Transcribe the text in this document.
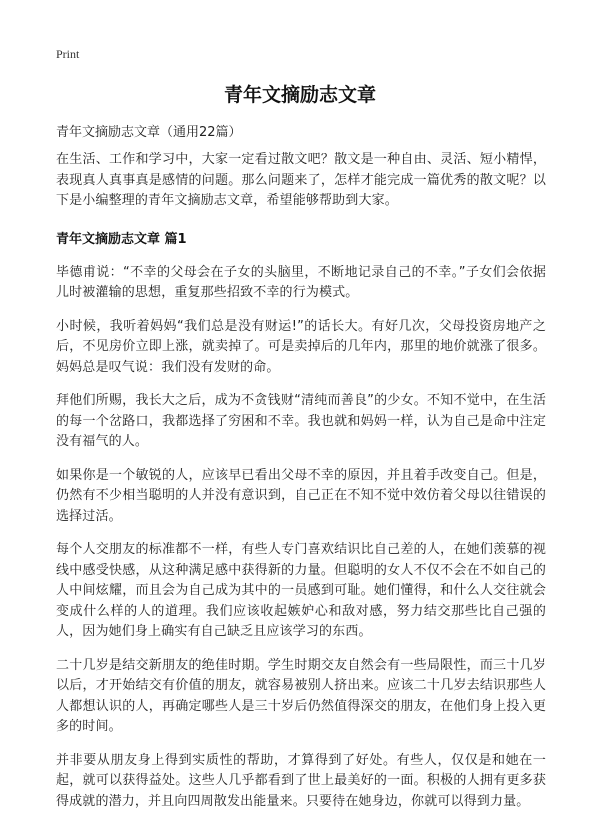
Print
青年文摘励志文章

青年文摘励志文章（通用22篇）

在生活、工作和学习中，大家一定看过散文吧？散文是一种自由、灵活、短小精悍，表现真人真事真是感情的问题。那么问题来了，怎样才能完成一篇优秀的散文呢？以下是小编整理的青年文摘励志文章，希望能够帮助到大家。

青年文摘励志文章 篇1

毕德甫说：“不幸的父母会在子女的头脑里，不断地记录自己的不幸。”子女们会依据儿时被灌输的思想，重复那些招致不幸的行为模式。

小时候，我听着妈妈“我们总是没有财运!”的话长大。有好几次，父母投资房地产之后，不见房价立即上涨，就卖掉了。可是卖掉后的几年内，那里的地价就涨了很多。妈妈总是叹气说：我们没有发财的命。

拜他们所赐，我长大之后，成为不贪钱财“清纯而善良”的少女。不知不觉中，在生活的每一个岔路口，我都选择了穷困和不幸。我也就和妈妈一样，认为自己是命中注定没有福气的人。

如果你是一个敏锐的人，应该早已看出父母不幸的原因，并且着手改变自己。但是，仍然有不少相当聪明的人并没有意识到，自己正在不知不觉中效仿着父母以往错误的选择过活。

每个人交朋友的标准都不一样，有些人专门喜欢结识比自己差的人，在她们羡慕的视线中感受快感，从这种满足感中获得新的力量。但聪明的女人不仅不会在不如自己的人中间炫耀，而且会为自己成为其中的一员感到可耻。她们懂得，和什么人交往就会变成什么样的人的道理。我们应该收起嫉妒心和敌对感，努力结交那些比自己强的人，因为她们身上确实有自己缺乏且应该学习的东西。

二十几岁是结交新朋友的绝佳时期。学生时期交友自然会有一些局限性，而三十几岁以后，才开始结交有价值的朋友，就容易被别人挤出来。应该二十几岁去结识那些人人都想认识的人，再确定哪些人是三十岁后仍然值得深交的朋友，在他们身上投入更多的时间。

并非要从朋友身上得到实质性的帮助，才算得到了好处。有些人，仅仅是和她在一起，就可以获得益处。这些人几乎都看到了世上最美好的一面。积极的人拥有更多获得成就的潜力，并且向四周散发出能量来。只要待在她身边，你就可以得到力量。
